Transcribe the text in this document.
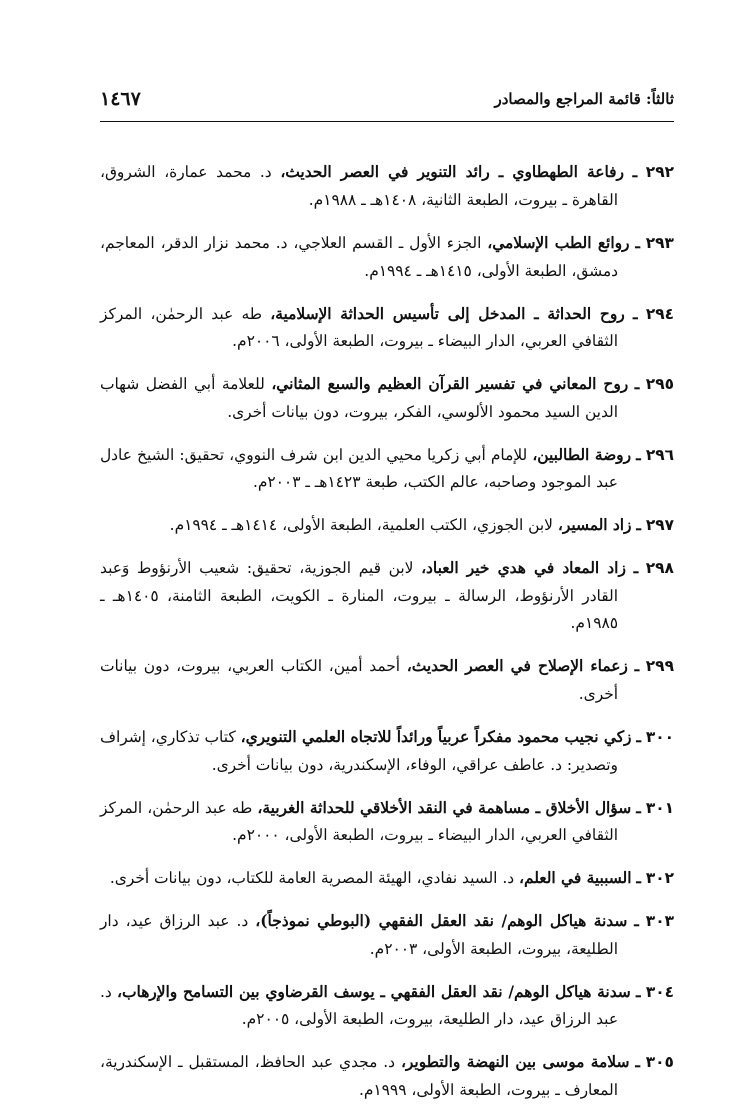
ثالثاً: قائمة المراجع والمصادر
١٤٦٧

٢٩٢ ـ رفاعة الطهطاوي ـ رائد التنوير في العصر الحديث، د. محمد عمارة، الشروق، القاهرة ـ بيروت، الطبعة الثانية، ١٤٠٨هـ ـ ١٩٨٨م.

٢٩٣ ـ روائع الطب الإسلامي، الجزء الأول ـ القسم العلاجي، د. محمد نزار الدقر، المعاجم، دمشق، الطبعة الأولى، ١٤١٥هـ ـ ١٩٩٤م.

٢٩٤ ـ روح الحداثة ـ المدخل إلى تأسيس الحداثة الإسلامية، طه عبد الرحمٰن، المركز الثقافي العربي، الدار البيضاء ـ بيروت، الطبعة الأولى، ٢٠٠٦م.

٢٩٥ ـ روح المعاني في تفسير القرآن العظيم والسبع المثاني، للعلامة أبي الفضل شهاب الدين السيد محمود الألوسي، الفكر، بيروت، دون بيانات أخرى.

٢٩٦ ـ روضة الطالبين، للإمام أبي زكريا محيي الدين ابن شرف النووي، تحقيق: الشيخ عادل عبد الموجود وصاحبه، عالم الكتب، طبعة ١٤٢٣هـ ـ ٢٠٠٣م.

٢٩٧ ـ زاد المسير، لابن الجوزي، الكتب العلمية، الطبعة الأولى، ١٤١٤هـ ـ ١٩٩٤م.

٢٩٨ ـ زاد المعاد في هدي خير العباد، لابن قيم الجوزية، تحقيق: شعيب الأرنؤوط وَعبد القادر الأرنؤوط، الرسالة ـ بيروت، المنارة ـ الكويت، الطبعة الثامنة، ١٤٠٥هـ ـ ١٩٨٥م.

٢٩٩ ـ زعماء الإصلاح في العصر الحديث، أحمد أمين، الكتاب العربي، بيروت، دون بيانات أخرى.

٣٠٠ ـ زكي نجيب محمود مفكراً عربياً ورائداً للاتجاه العلمي التنويري، كتاب تذكاري، إشراف وتصدير: د. عاطف عراقي، الوفاء، الإسكندرية، دون بيانات أخرى.

٣٠١ ـ سؤال الأخلاق ـ مساهمة في النقد الأخلاقي للحداثة الغربية، طه عبد الرحمٰن، المركز الثقافي العربي، الدار البيضاء ـ بيروت، الطبعة الأولى، ٢٠٠٠م.

٣٠٢ ـ السببية في العلم، د. السيد نفادي، الهيئة المصرية العامة للكتاب، دون بيانات أخرى.

٣٠٣ ـ سدنة هياكل الوهم/ نقد العقل الفقهي (البوطي نموذجاً)، د. عبد الرزاق عيد، دار الطليعة، بيروت، الطبعة الأولى، ٢٠٠٣م.

٣٠٤ ـ سدنة هياكل الوهم/ نقد العقل الفقهي ـ يوسف القرضاوي بين التسامح والإرهاب، د. عبد الرزاق عيد، دار الطليعة، بيروت، الطبعة الأولى، ٢٠٠٥م.

٣٠٥ ـ سلامة موسى بين النهضة والتطوير، د. مجدي عبد الحافظ، المستقبل ـ الإسكندرية، المعارف ـ بيروت، الطبعة الأولى، ١٩٩٩م.
